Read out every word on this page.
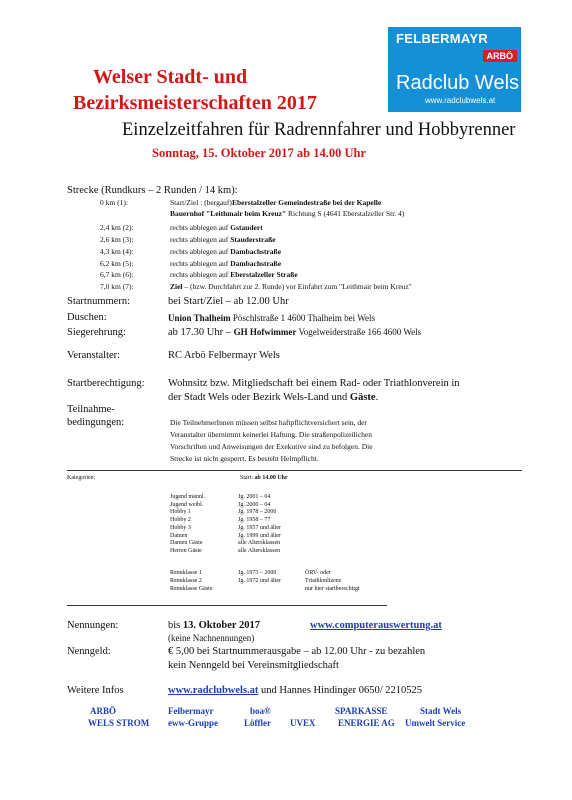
FELBERMAYR
ARBÖ
Radclub Wels
www.radclubwels.at
Welser Stadt- und
Bezirksmeisterschaften 2017
Einzelzeitfahren für Radrennfahrer und Hobbyrenner
Sonntag, 15. Oktober 2017 ab 14.00 Uhr
Strecke (Rundkurs – 2 Runden / 14 km):
0 km (1):	Start/Ziel : (bergauf)Eberstalzeller Gemeindestraße bei der Kapelle
Bauernhof "Leithmair beim Kreuz" Richtung S (4641 Eberstalzeller Str. 4)
2,4 km (2):	rechts abbiegen auf Gstaudert
2,6 km (3):	rechts abbiegen auf Stauderstraße
4,3 km (4):	rechts abbiegen auf Dambachstraße
6,2 km (5):	rechts abbiegen auf Dambachstraße
6,7 km (6):	rechts abbiegen auf Eberstalzeller Straße
7,0 km (7):	Ziel – (bzw. Durchfahrt zur 2. Runde) vor Einfahrt zum "Leithmair beim Kreuz"
Startnummern:	bei Start/Ziel – ab 12.00 Uhr
Duschen:	Union Thalheim Pöschlstraße 1 4600 Thalheim bei Wels
Siegerehrung:	ab 17.30 Uhr – GH Hofwimmer Vogelweiderstraße 166 4600 Wels
Veranstalter:	RC Arbö Felbermayr Wels
Startberechtigung: Wohnsitz bzw. Mitgliedschaft bei einem Rad- oder Triathlonverein in
der Stadt Wels oder Bezirk Wels-Land und Gäste.
Teilnahme-
bedingungen:	Die TeilnehmerInnen müssen selbst haftpflichtversichert sein, der
Veranstalter übernimmt keinerlei Haftung. Die straßenpolizeilichen
Vorschriften und Anweisungen der Exekutive sind zu befolgen. Die
Strecke ist nicht gesperrt. Es besteht Helmpflicht.
Kategorien:	Start: ab 14.00 Uhr
Jugend männl.	Jg. 2001 – 04
Jugend weibl.	Jg. 2000 – 04
Hobby 1	Jg. 1978 – 2000
Hobby 2	Jg. 1958 – 77
Hobby 3	Jg. 1957 und älter
Damen	Jg. 1999 und älter
Damen Gäste	alle Altersklassen
Herren Gäste	alle Altersklassen
Rennklasse 1	Jg. 1973 – 2000	ÖRV- oder
Rennklasse 2	Jg. 1972 und älter	Triathlonlizenz
Rennklasse Gäste	nur hier startberechtigt
Nennungen:	bis 13. Oktober 2017	www.computerauswertung.at
(keine Nachnennungen)
Nenngeld:	€ 5,00 bei Startnummerausgabe – ab 12.00 Uhr - zu bezahlen
kein Nenngeld bei Vereinsmitgliedschaft
Weitere Infos	www.radclubwels.at und Hannes Hindinger 0650/ 2210525
ARBÖ	Felbermayr	boa®	SPARKASSE	Stadt Wels
WELS STROM eww-Gruppe	Löffler UVEX ENERGIE AG Umwelt Service
